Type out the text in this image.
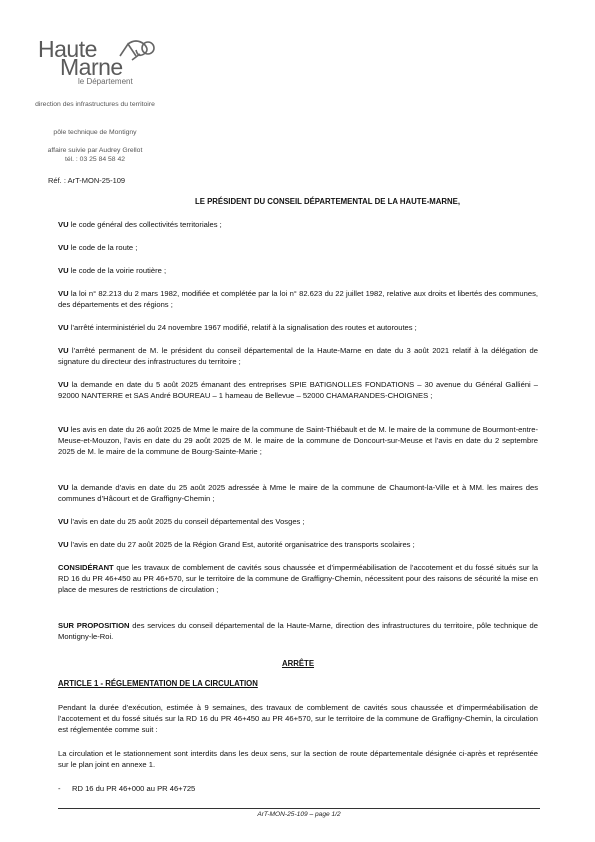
Haute
Marne
le Département
direction des infrastructures du territoire
pôle technique de Montigny
affaire suivie par Audrey Grellot
tél. : 03 25 84 58 42
Réf. : ArT-MON-25-109
LE PRÉSIDENT DU CONSEIL DÉPARTEMENTAL DE LA HAUTE-MARNE,
VU le code général des collectivités territoriales ;
VU le code de la route ;
VU le code de la voirie routière ;
VU la loi n° 82.213 du 2 mars 1982, modifiée et complétée par la loi n° 82.623 du 22 juillet 1982, relative aux droits et libertés des communes, des départements et des régions ;
VU l’arrêté interministériel du 24 novembre 1967 modifié, relatif à la signalisation des routes et autoroutes ;
VU l’arrêté permanent de M. le président du conseil départemental de la Haute-Marne en date du 3 août 2021 relatif à la délégation de signature du directeur des infrastructures du territoire ;
VU la demande en date du 5 août 2025 émanant des entreprises SPIE BATIGNOLLES FONDATIONS – 30 avenue du Général Galliéni – 92000 NANTERRE et SAS André BOUREAU – 1 hameau de Bellevue – 52000 CHAMARANDES-CHOIGNES ;
VU les avis en date du 26 août 2025 de Mme le maire de la commune de Saint-Thiébault et de M. le maire de la commune de Bourmont-entre-Meuse-et-Mouzon, l’avis en date du 29 août 2025 de M. le maire de la commune de Doncourt-sur-Meuse et l’avis en date du 2 septembre 2025 de M. le maire de la commune de Bourg-Sainte-Marie ;
VU la demande d’avis en date du 25 août 2025 adressée à Mme le maire de la commune de Chaumont-la-Ville et à MM. les maires des communes d’Hâcourt et de Graffigny-Chemin ;
VU l’avis en date du 25 août 2025 du conseil départemental des Vosges ;
VU l’avis en date du 27 août 2025 de la Région Grand Est, autorité organisatrice des transports scolaires ;
CONSIDÉRANT que les travaux de comblement de cavités sous chaussée et d’imperméabilisation de l’accotement et du fossé situés sur la RD 16 du PR 46+450 au PR 46+570, sur le territoire de la commune de Graffigny-Chemin, nécessitent pour des raisons de sécurité la mise en place de mesures de restrictions de circulation ;
SUR PROPOSITION des services du conseil départemental de la Haute-Marne, direction des infrastructures du territoire, pôle technique de Montigny-le-Roi.
ARRÊTE
ARTICLE 1 - RÉGLEMENTATION DE LA CIRCULATION
Pendant la durée d’exécution, estimée à 9 semaines, des travaux de comblement de cavités sous chaussée et d’imperméabilisation de l’accotement et du fossé situés sur la RD 16 du PR 46+450 au PR 46+570, sur le territoire de la commune de Graffigny-Chemin, la circulation est réglementée comme suit :
La circulation et le stationnement sont interdits dans les deux sens, sur la section de route départementale désignée ci-après et représentée sur le plan joint en annexe 1.
- RD 16 du PR 46+000 au PR 46+725
ArT-MON-25-109 – page 1/2
